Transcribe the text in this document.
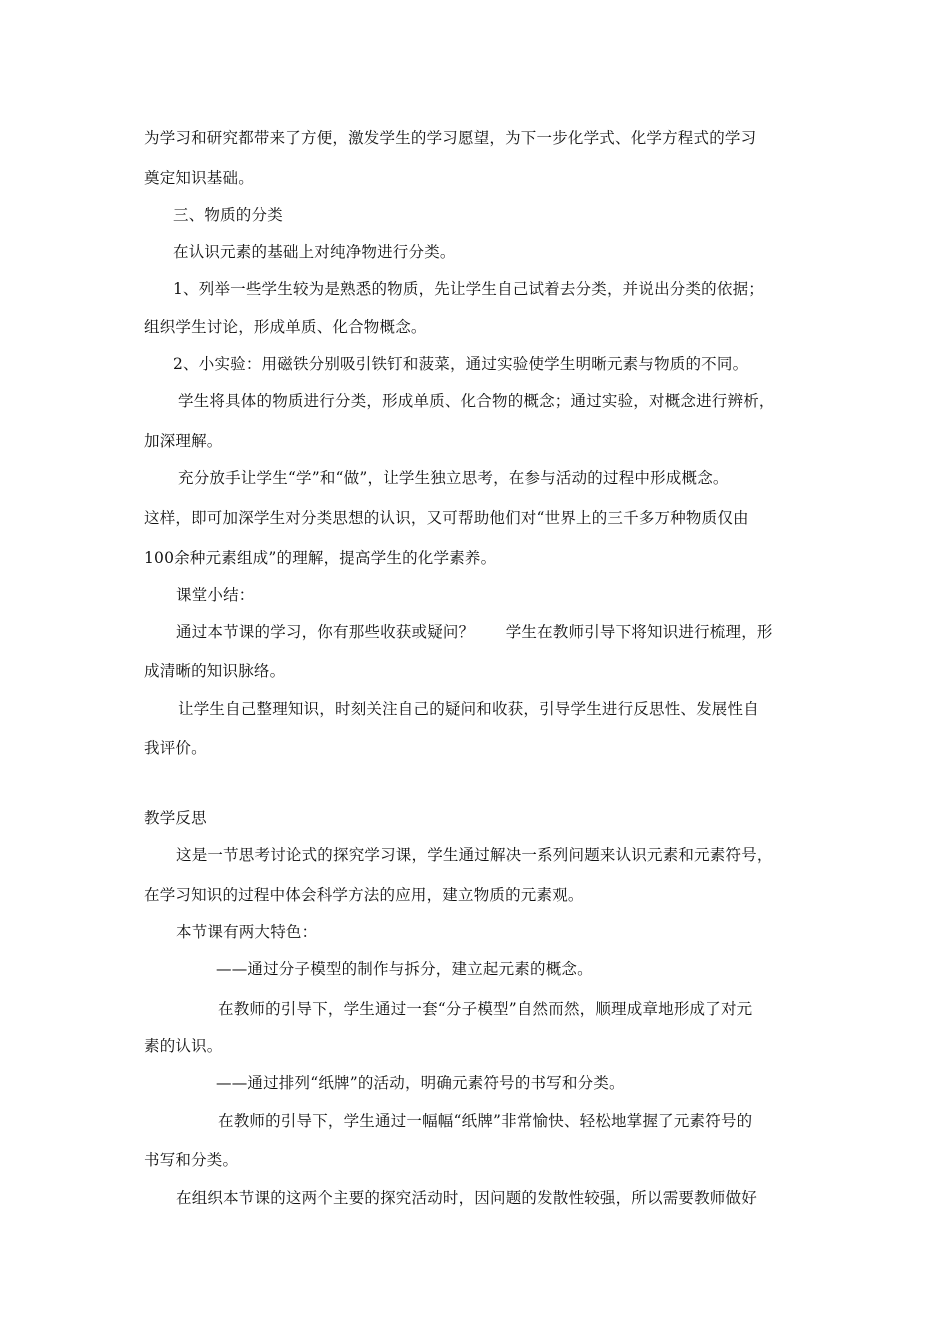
为学习和研究都带来了方便，激发学生的学习愿望，为下一步化学式、化学方程式的学习
奠定知识基础。
三、物质的分类
在认识元素的基础上对纯净物进行分类。
1、列举一些学生较为是熟悉的物质，先让学生自己试着去分类，并说出分类的依据；
组织学生讨论，形成单质、化合物概念。
2、小实验：用磁铁分别吸引铁钉和菠菜，通过实验使学生明晰元素与物质的不同。
学生将具体的物质进行分类，形成单质、化合物的概念；通过实验，对概念进行辨析，
加深理解。
充分放手让学生“学”和“做”，让学生独立思考，在参与活动的过程中形成概念。
这样，即可加深学生对分类思想的认识，又可帮助他们对“世界上的三千多万种物质仅由
100余种元素组成”的理解，提高学生的化学素养。
课堂小结：
通过本节课的学习，你有那些收获或疑问？　　学生在教师引导下将知识进行梳理，形
成清晰的知识脉络。
让学生自己整理知识，时刻关注自己的疑问和收获，引导学生进行反思性、发展性自
我评价。
教学反思
这是一节思考讨论式的探究学习课，学生通过解决一系列问题来认识元素和元素符号，
在学习知识的过程中体会科学方法的应用，建立物质的元素观。
本节课有两大特色：
——通过分子模型的制作与拆分，建立起元素的概念。
在教师的引导下，学生通过一套“分子模型”自然而然，顺理成章地形成了对元
素的认识。
——通过排列“纸牌”的活动，明确元素符号的书写和分类。
在教师的引导下，学生通过一幅幅“纸牌”非常愉快、轻松地掌握了元素符号的
书写和分类。
在组织本节课的这两个主要的探究活动时，因问题的发散性较强，所以需要教师做好
